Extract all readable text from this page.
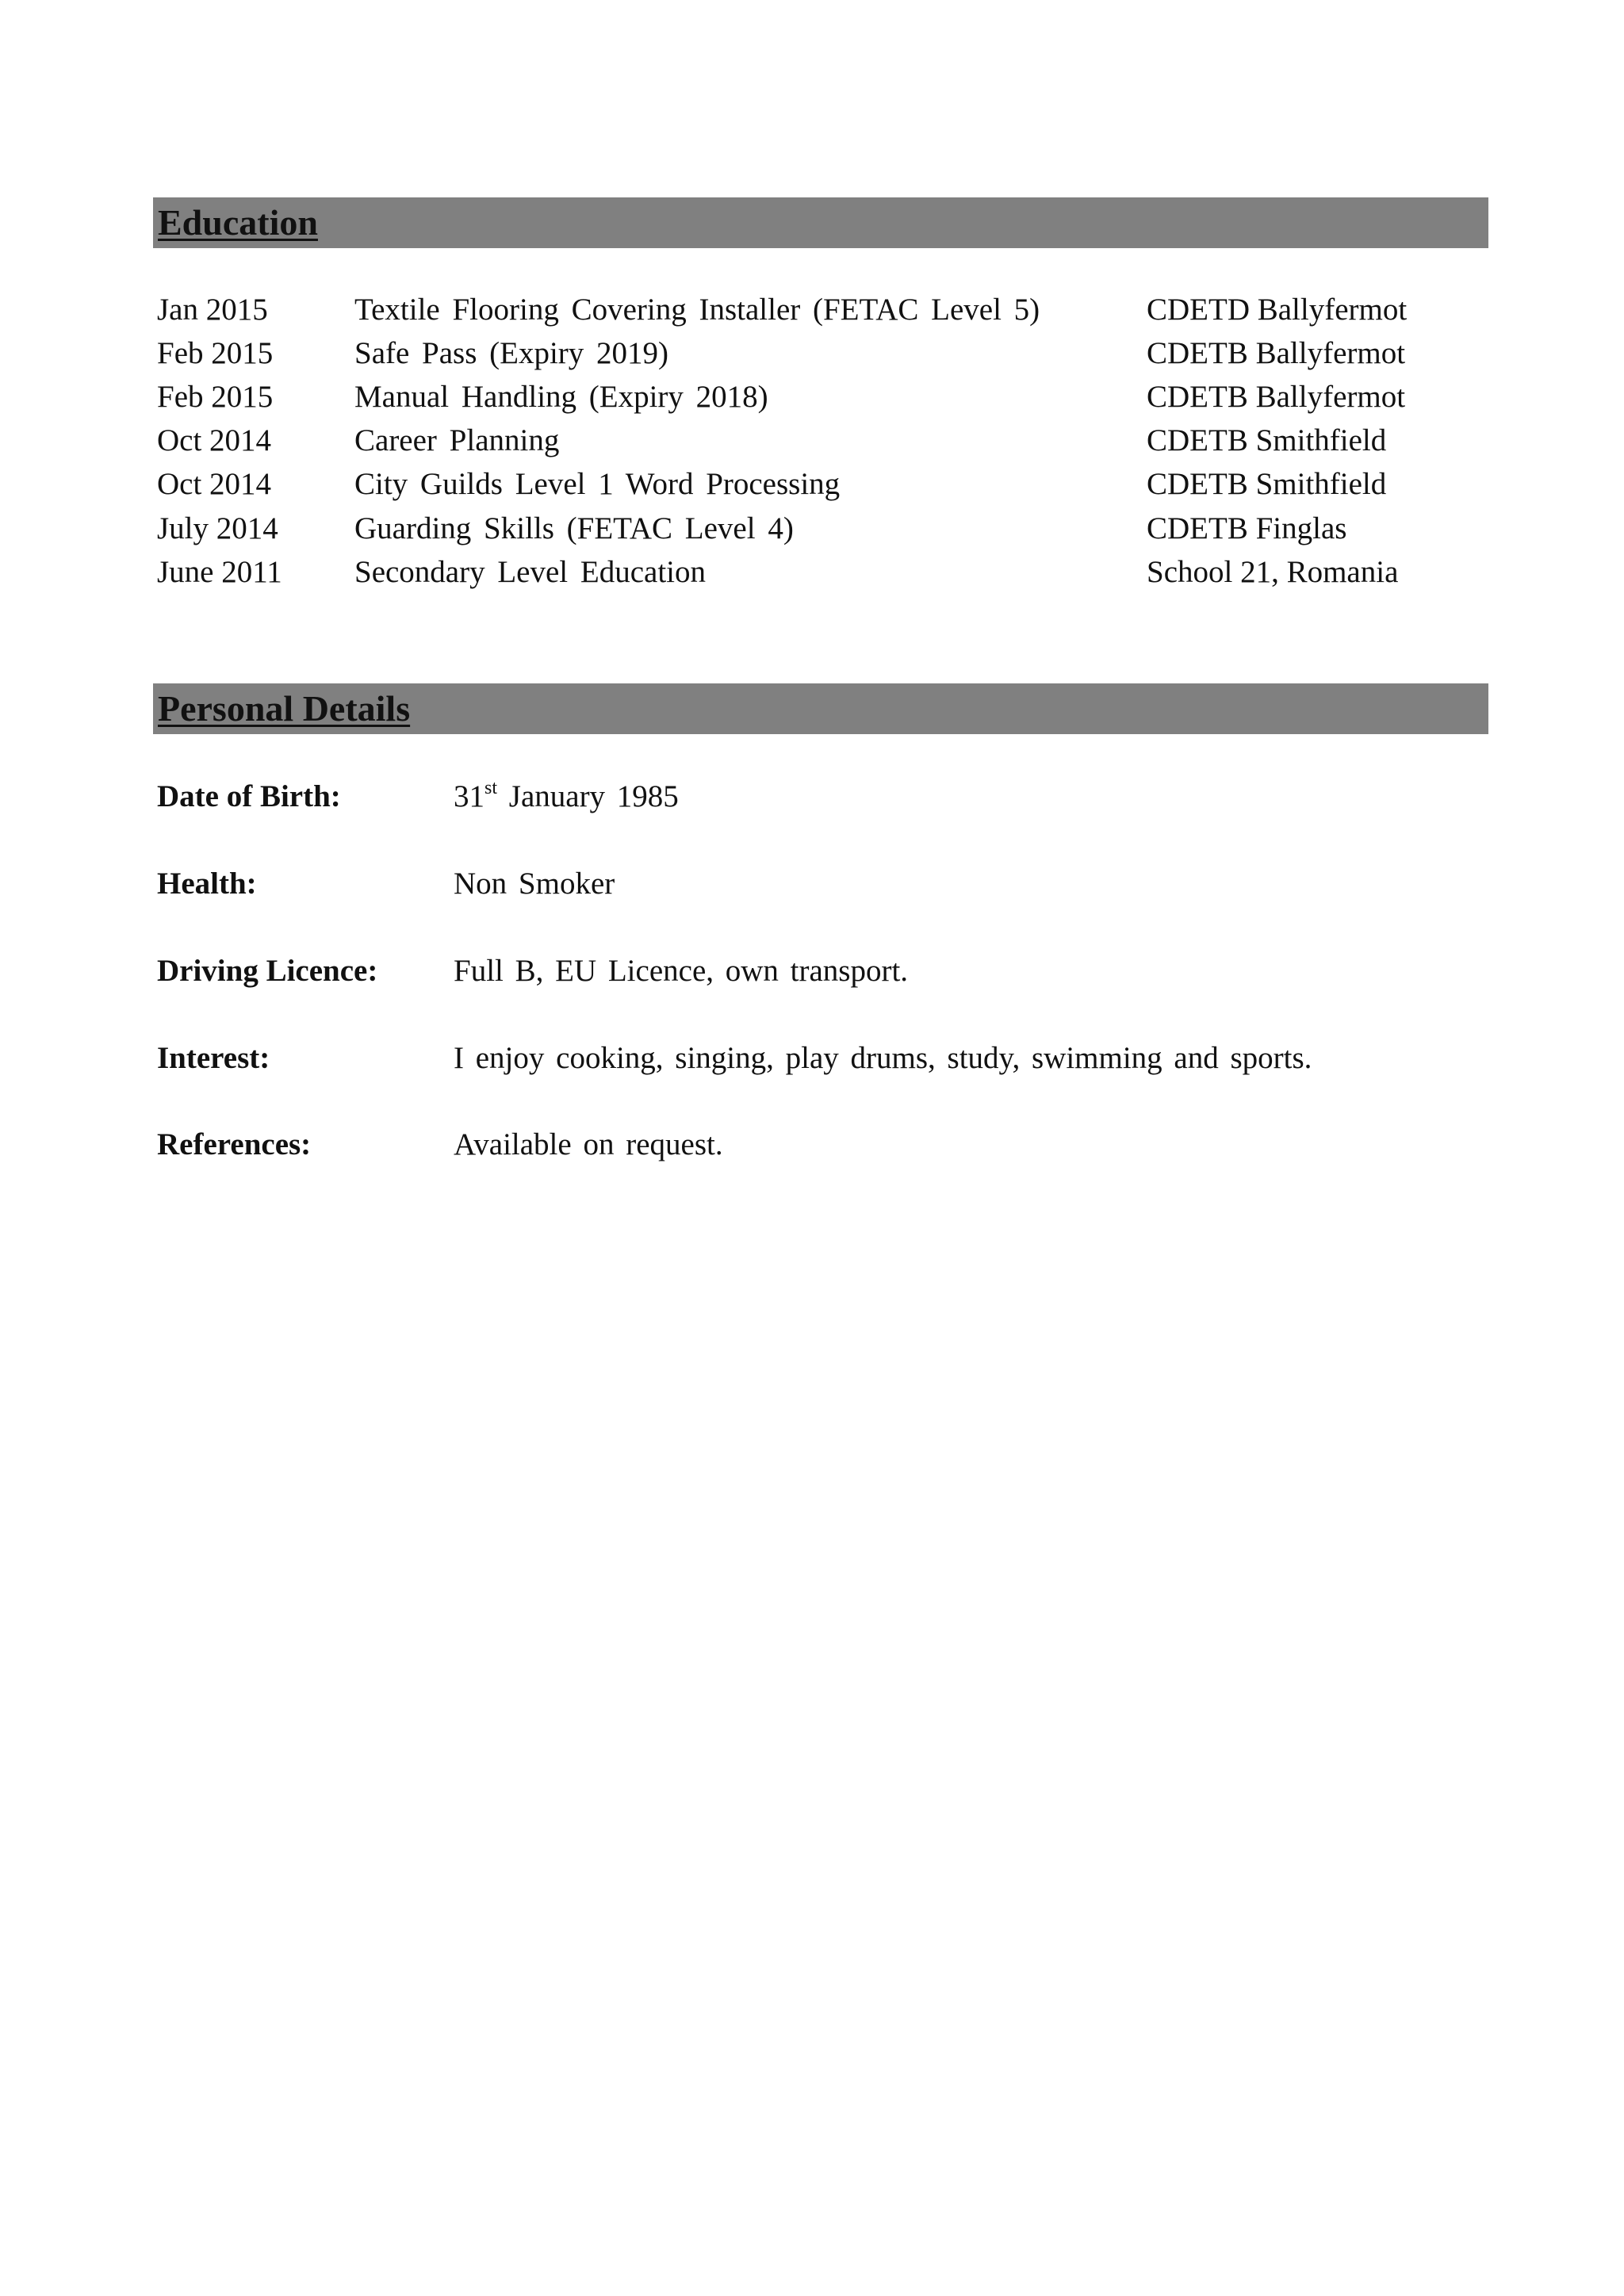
Education
Jan 2015	Textile Flooring Covering Installer (FETAC Level 5)	CDETD Ballyfermot
Feb 2015	Safe Pass (Expiry 2019)	CDETB Ballyfermot
Feb 2015	Manual Handling (Expiry 2018)	CDETB Ballyfermot
Oct 2014	Career Planning	CDETB Smithfield
Oct 2014	City Guilds Level 1 Word Processing	CDETB Smithfield
July 2014 Guarding Skills (FETAC Level 4)	CDETB Finglas
June 2011 Secondary Level Education	School 21, Romania
Personal Details
Date of Birth:	31st January 1985
Health:	Non Smoker
Driving Licence: Full B, EU Licence, own transport.
Interest:	I enjoy cooking, singing, play drums, study, swimming and sports.
References:	Available on request.
